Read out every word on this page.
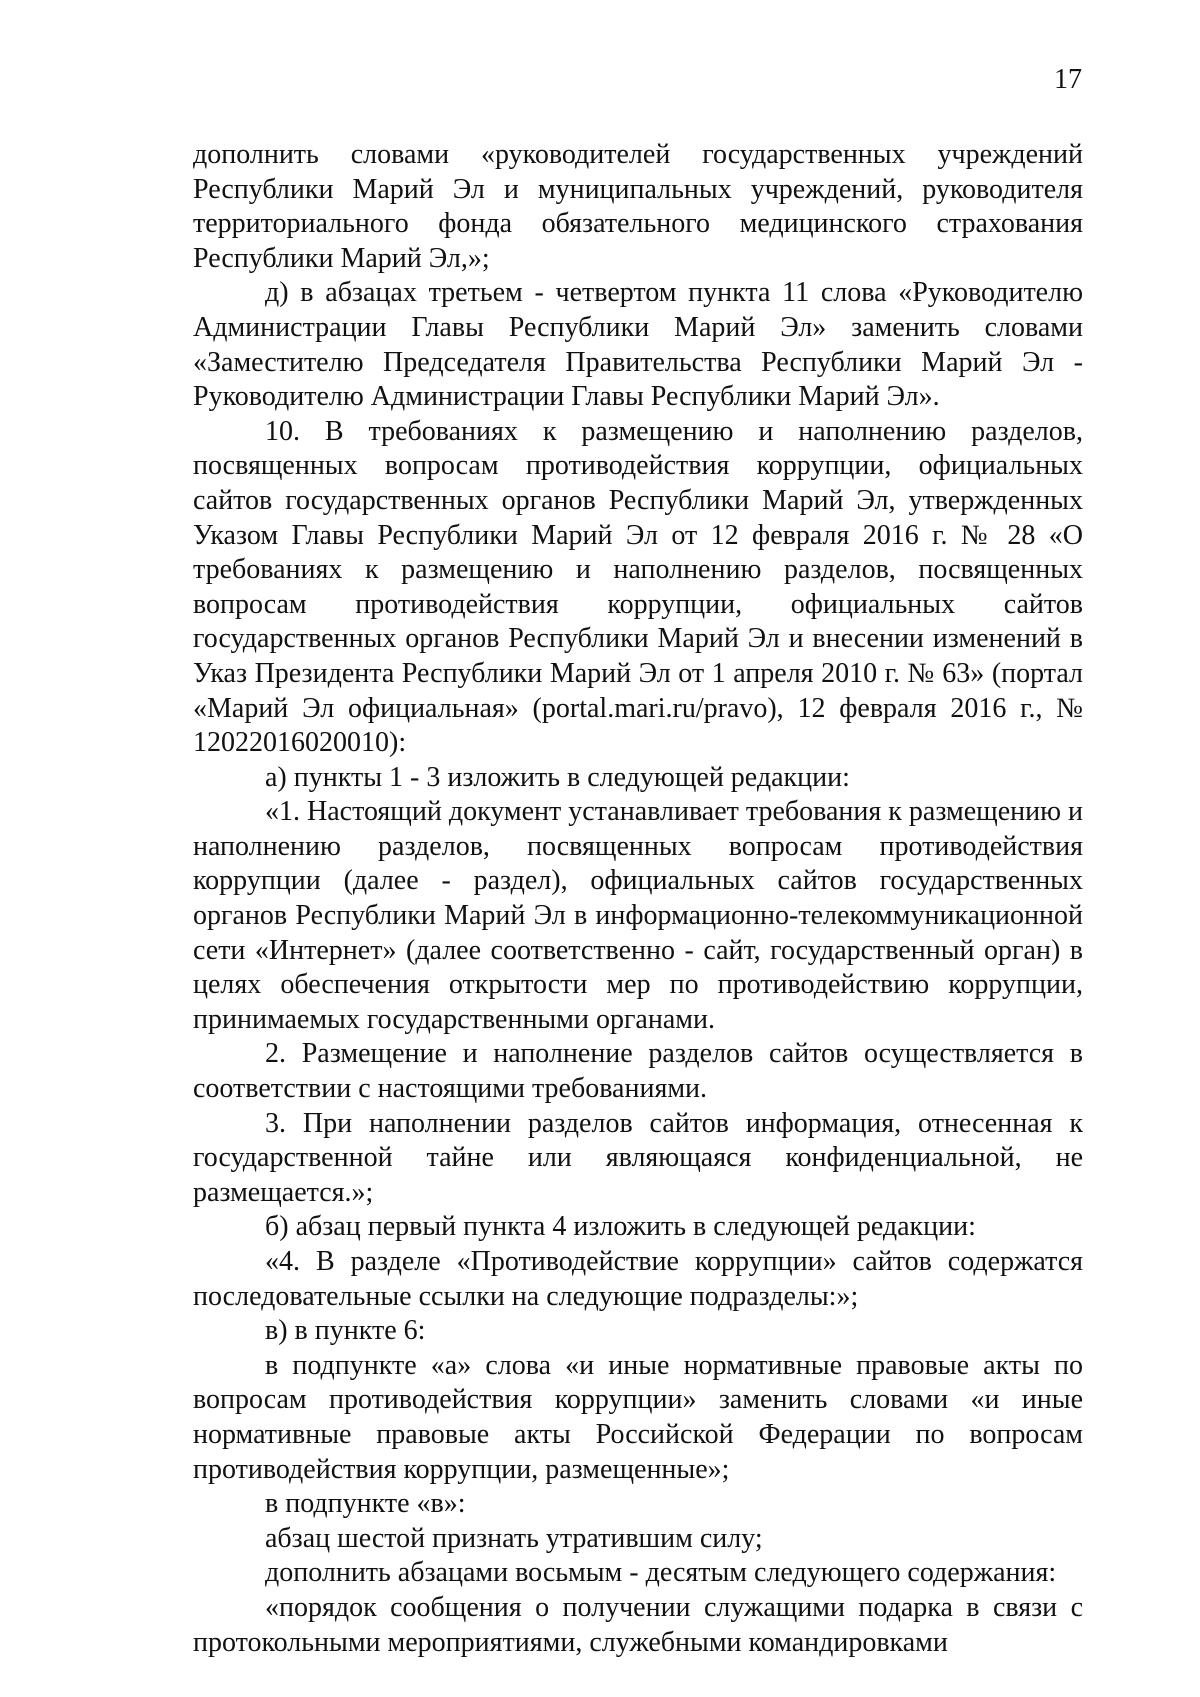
17

дополнить словами «руководителей государственных учреждений Республики Марий Эл и муниципальных учреждений, руководителя территориального фонда обязательного медицинского страхования Республики Марий Эл,»;

д) в абзацах третьем - четвертом пункта 11 слова «Руководителю Администрации Главы Республики Марий Эл» заменить словами «Заместителю Председателя Правительства Республики Марий Эл - Руководителю Администрации Главы Республики Марий Эл».

10. В требованиях к размещению и наполнению разделов, посвященных вопросам противодействия коррупции, официальных сайтов государственных органов Республики Марий Эл, утвержденных Указом Главы Республики Марий Эл от 12 февраля 2016 г. № 28 «О требованиях к размещению и наполнению разделов, посвященных вопросам противодействия коррупции, официальных сайтов государственных органов Республики Марий Эл и внесении изменений в Указ Президента Республики Марий Эл от 1 апреля 2010 г. № 63» (портал «Марий Эл официальная» (portal.mari.ru/pravo), 12 февраля 2016 г., № 12022016020010):

а) пункты 1 - 3 изложить в следующей редакции:

«1. Настоящий документ устанавливает требования к размещению и наполнению разделов, посвященных вопросам противодействия коррупции (далее - раздел), официальных сайтов государственных органов Республики Марий Эл в информационно-телекоммуникационной сети «Интернет» (далее соответственно - сайт, государственный орган) в целях обеспечения открытости мер по противодействию коррупции, принимаемых государственными органами.

2. Размещение и наполнение разделов сайтов осуществляется в соответствии с настоящими требованиями.

3. При наполнении разделов сайтов информация, отнесенная к государственной тайне или являющаяся конфиденциальной, не размещается.»;

б) абзац первый пункта 4 изложить в следующей редакции:

«4. В разделе «Противодействие коррупции» сайтов содержатся последовательные ссылки на следующие подразделы:»;

в) в пункте 6:

в подпункте «а» слова «и иные нормативные правовые акты по вопросам противодействия коррупции» заменить словами «и иные нормативные правовые акты Российской Федерации по вопросам противодействия коррупции, размещенные»;

в подпункте «в»:

абзац шестой признать утратившим силу;

дополнить абзацами восьмым - десятым следующего содержания:

«порядок сообщения о получении служащими подарка в связи с протокольными мероприятиями, служебными командировками
